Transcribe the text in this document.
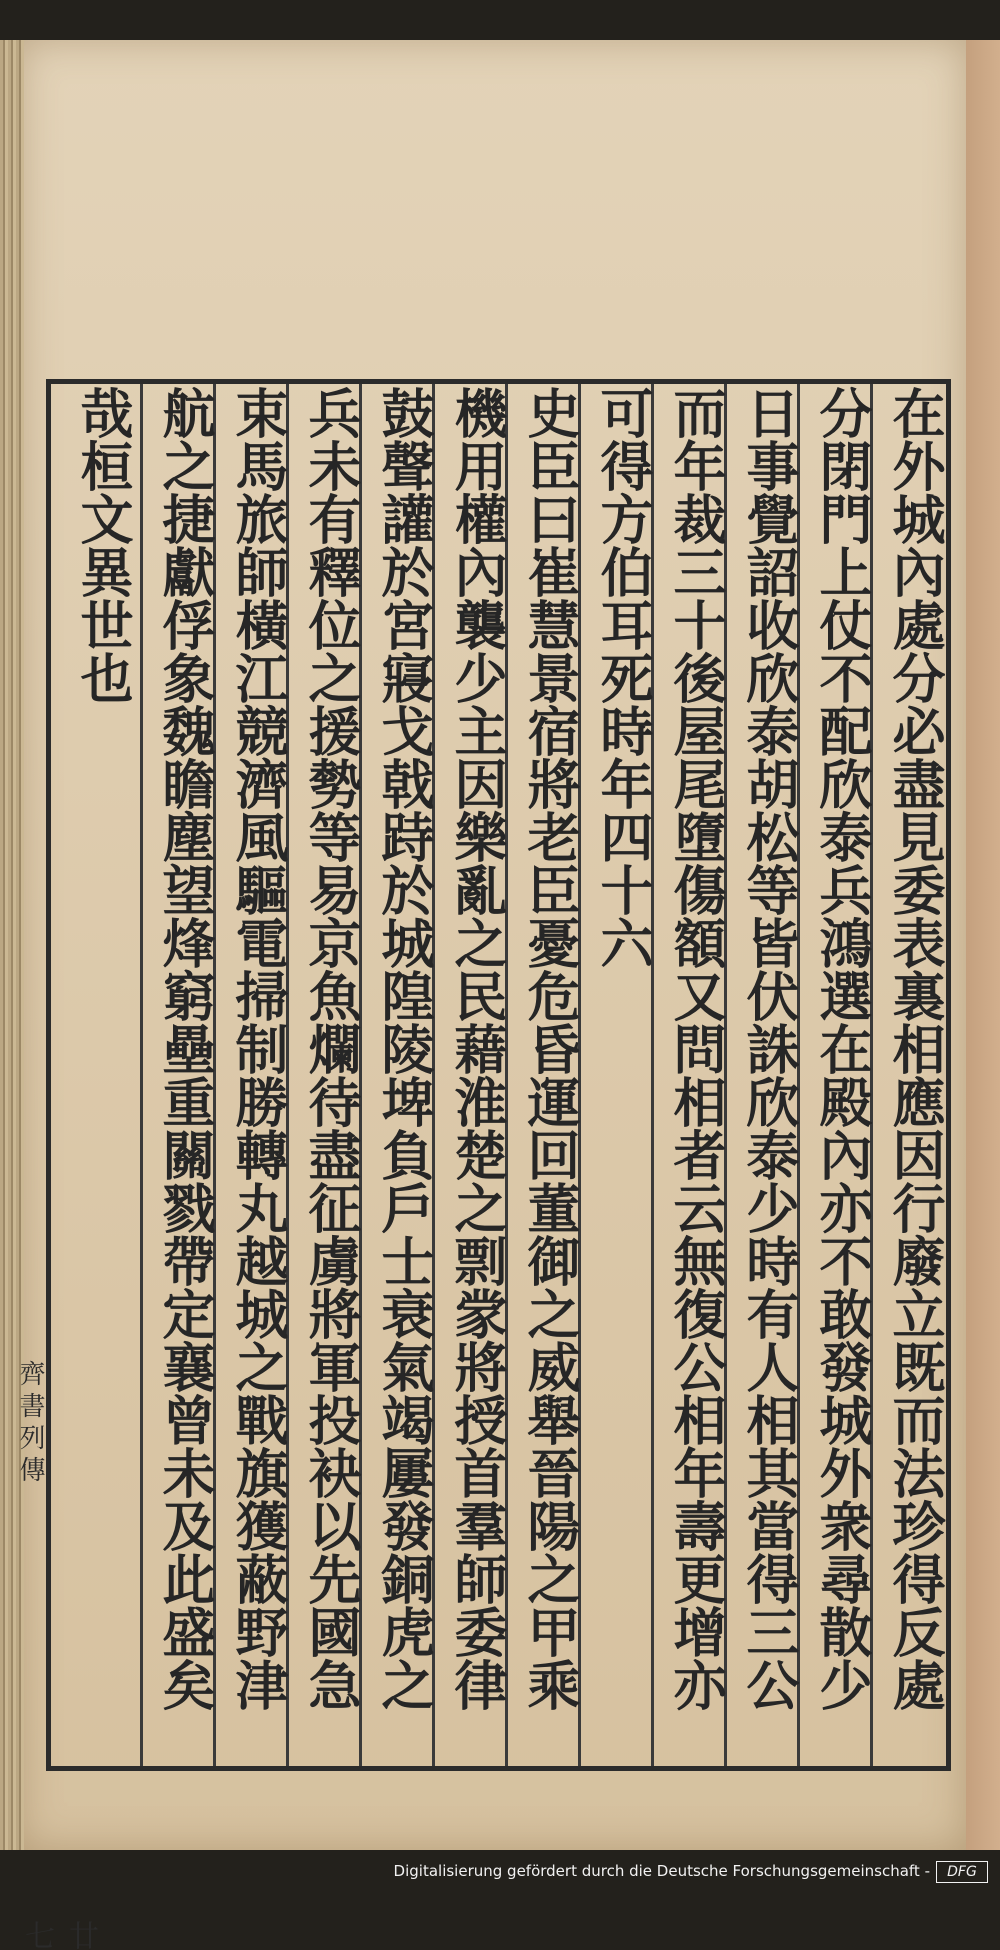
齊書列傳
廿七
在外城內處分必盡見委表裏相應因行廢立既而法珍得反處
分閉門上仗不配欣泰兵鴻選在殿內亦不敢發城外衆尋散少
日事覺詔收欣泰胡松等皆伏誅欣泰少時有人相其當得三公
而年裁三十後屋尾墮傷額又問相者云無復公相年壽更增亦
可得方伯耳死時年四十六
史臣曰崔慧景宿將老臣憂危昏運回董御之威舉晉陽之甲乘
機用權內襲少主因樂亂之民藉淮楚之剽䝉將授首羣師委律
鼓聲讙於宮寢戈戟跱於城隍陵埤負戶士衰氣竭屢發銅虎之
兵未有釋位之援勢等易京魚爛待盡征虜將軍投袂以先國急
束馬旅師橫江競濟風驅電掃制勝轉丸越城之戰旗獲蔽野津
航之捷獻俘象魏瞻塵望烽窮壘重關戮帶定襄曾未及此盛矣
哉桓文異世也
Digitalisierung gefördert durch die Deutsche Forschungsgemeinschaft -	DFG
